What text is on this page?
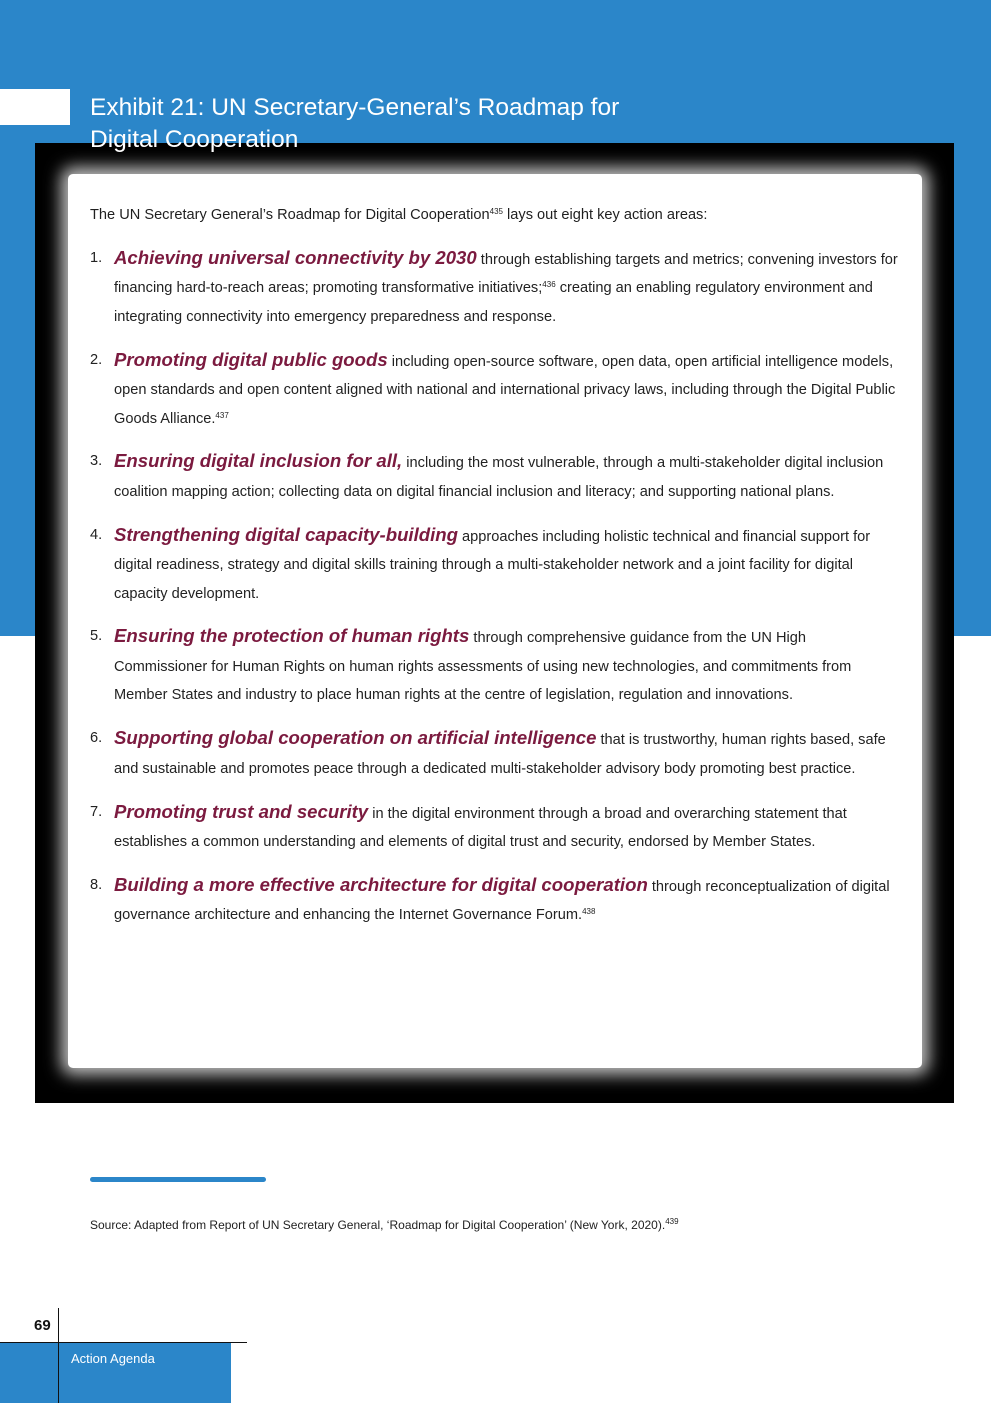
Exhibit 21: UN Secretary-General’s Roadmap for
Digital Cooperation

The UN Secretary General’s Roadmap for Digital Cooperation$^{435}$ lays out eight key action areas:

1. Achieving universal connectivity by 2030 through establishing targets and metrics; convening investors for financing hard-to-reach areas; promoting transformative initiatives;$^{436}$ creating an enabling regulatory environment and integrating connectivity into emergency preparedness and response.
2. Promoting digital public goods including open-source software, open data, open artificial intelligence models, open standards and open content aligned with national and international privacy laws, including through the Digital Public Goods Alliance.$^{437}$
3. Ensuring digital inclusion for all, including the most vulnerable, through a multi-stakeholder digital inclusion coalition mapping action; collecting data on digital financial inclusion and literacy; and supporting national plans.
4. Strengthening digital capacity-building approaches including holistic technical and financial support for digital readiness, strategy and digital skills training through a multi-stakeholder network and a joint facility for digital capacity development.
5. Ensuring the protection of human rights through comprehensive guidance from the UN High Commissioner for Human Rights on human rights assessments of using new technologies, and commitments from Member States and industry to place human rights at the centre of legislation, regulation and innovations.
6. Supporting global cooperation on artificial intelligence that is trustworthy, human rights based, safe and sustainable and promotes peace through a dedicated multi-stakeholder advisory body promoting best practice.
7. Promoting trust and security in the digital environment through a broad and overarching statement that establishes a common understanding and elements of digital trust and security, endorsed by Member States.
8. Building a more effective architecture for digital cooperation through reconceptualization of digital governance architecture and enhancing the Internet Governance Forum.$^{438}$

Source: Adapted from Report of UN Secretary General, ‘Roadmap for Digital Cooperation’ (New York, 2020).$^{439}$

69
Action Agenda
